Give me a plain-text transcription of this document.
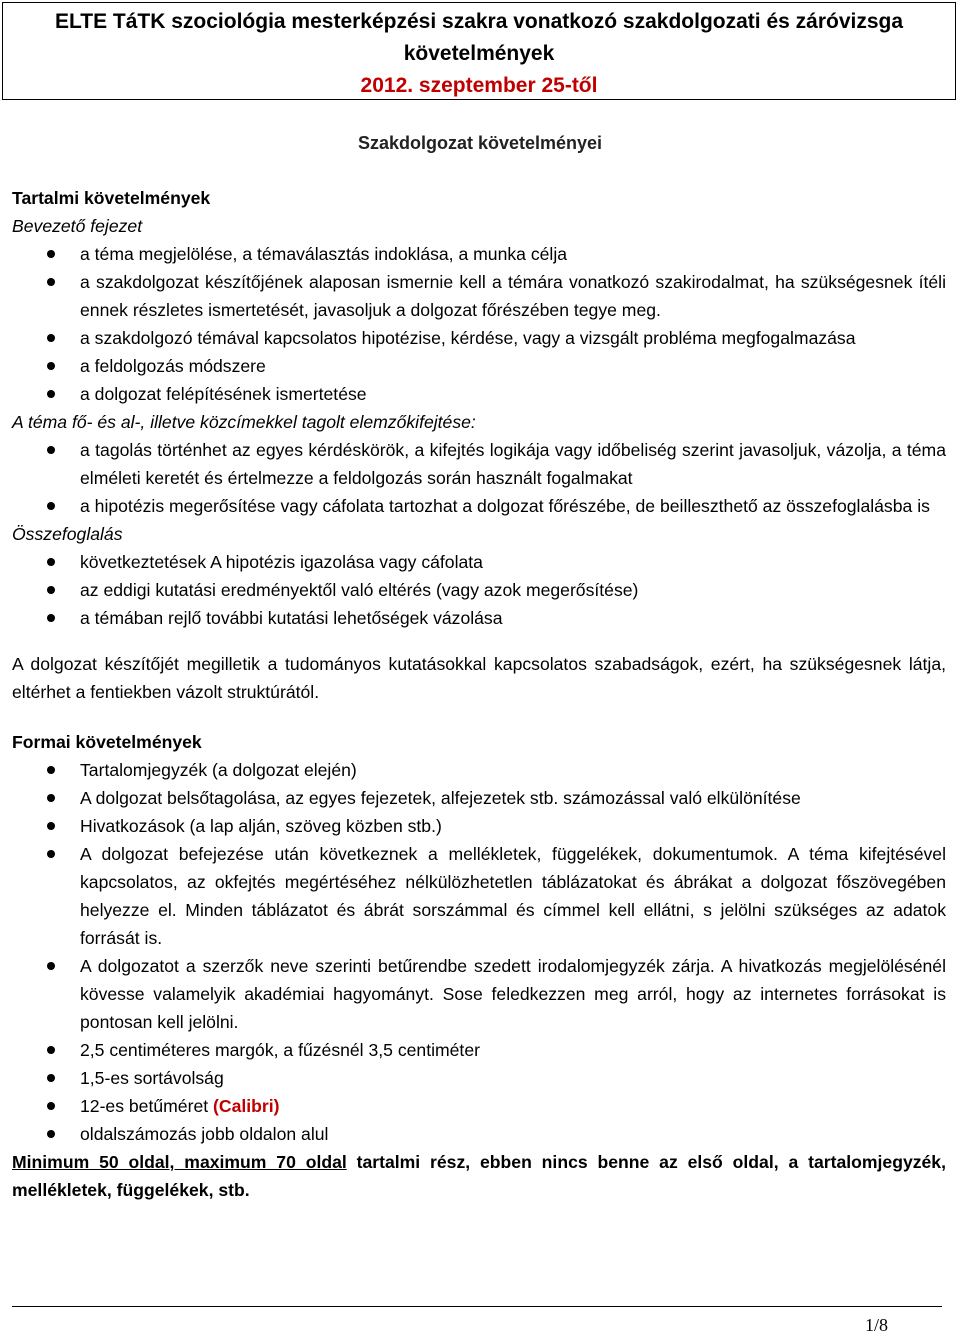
ELTE TáTK szociológia mesterképzési szakra vonatkozó szakdolgozati és záróvizsga követelmények
2012. szeptember 25-től
Szakdolgozat követelményei
Tartalmi követelmények
Bevezető fejezet
a téma megjelölése, a témaválasztás indoklása, a munka célja
a szakdolgozat készítőjének alaposan ismernie kell a témára vonatkozó szakirodalmat, ha szükségesnek ítéli ennek részletes ismertetését, javasoljuk a dolgozat főrészében tegye meg.
a szakdolgozó témával kapcsolatos hipotézise, kérdése, vagy a vizsgált probléma megfogalmazása
a feldolgozás módszere
a dolgozat felépítésének ismertetése
A téma fő- és al-, illetve közcímekkel tagolt elemzőkifejtése:
a tagolás történhet az egyes kérdéskörök, a kifejtés logikája vagy időbeliség szerint javasoljuk, vázolja, a téma elméleti keretét és értelmezze a feldolgozás során használt fogalmakat
a hipotézis megerősítése vagy cáfolata tartozhat a dolgozat főrészébe, de beilleszthető az összefoglalásba is
Összefoglalás
következtetések A hipotézis igazolása vagy cáfolata
az eddigi kutatási eredményektől való eltérés (vagy azok megerősítése)
a témában rejlő további kutatási lehetőségek vázolása

A dolgozat készítőjét megilletik a tudományos kutatásokkal kapcsolatos szabadságok, ezért, ha szükségesnek látja, eltérhet a fentiekben vázolt struktúrától.

Formai követelmények
Tartalomjegyzék (a dolgozat elején)
A dolgozat belsőtagolása, az egyes fejezetek, alfejezetek stb. számozással való elkülönítése
Hivatkozások (a lap alján, szöveg közben stb.)
A dolgozat befejezése után következnek a mellékletek, függelékek, dokumentumok. A téma kifejtésével kapcsolatos, az okfejtés megértéséhez nélkülözhetetlen táblázatokat és ábrákat a dolgozat főszövegében helyezze el. Minden táblázatot és ábrát sorszámmal és címmel kell ellátni, s jelölni szükséges az adatok forrását is.
A dolgozatot a szerzők neve szerinti betűrendbe szedett irodalomjegyzék zárja. A hivatkozás megjelölésénél kövesse valamelyik akadémiai hagyományt. Sose feledkezzen meg arról, hogy az internetes forrásokat is pontosan kell jelölni.
2,5 centiméteres margók, a fűzésnél 3,5 centiméter
1,5-es sortávolság
12-es betűméret (Calibri)
oldalszámozás jobb oldalon alul

Minimum 50 oldal, maximum 70 oldal tartalmi rész, ebben nincs benne az első oldal, a tartalomjegyzék, mellékletek, függelékek, stb.

1/8
